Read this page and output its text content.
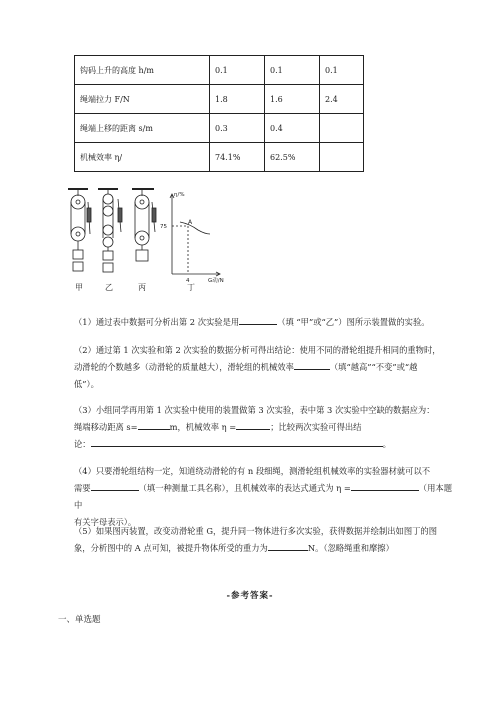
钩码上升的高度 h/m	0.1	0.1	0.1
绳端拉力 F/N	1.8	1.6	2.4
绳端上移的距离 s/m	0.3	0.4	
机械效率 η/	74.1%	62.5%	
甲	乙	丙	丁
η/%
75
A
4	G动/N
（1）通过表中数据可分析出第 2 次实验是用	（填 “甲”或“乙”）图所示装置做的实验。
（2）通过第 1 次实验和第 2 次实验的数据分析可得出结论：使用不同的滑轮组提升相同的重物时，
动滑轮的个数越多（动滑轮的质量越大），滑轮组的机械效率	（填“越高”“不变”或“越
低”）。
（3）小组同学再用第 1 次实验中使用的装置做第 3 次实验，表中第 3 次实验中空缺的数据应为：
绳端移动距离 s=	m，机械效率 η =	；比较两次实验可得出结
论：	。
（4）只要滑轮组结构一定，知道绕动滑轮的有 n 段细绳，测滑轮组机械效率的实验器材就可以不
需要	（填一种测量工具名称），且机械效率的表达式通式为 η =	（用本题中
有关字母表示）。
（5）如果图丙装置，改变动滑轮重 G，提升同一物体进行多次实验，获得数据并绘制出如图丁的图
象，分析图中的 A 点可知，被提升物体所受的重力为	N。（忽略绳重和摩擦）
-参考答案-
一、单选题
